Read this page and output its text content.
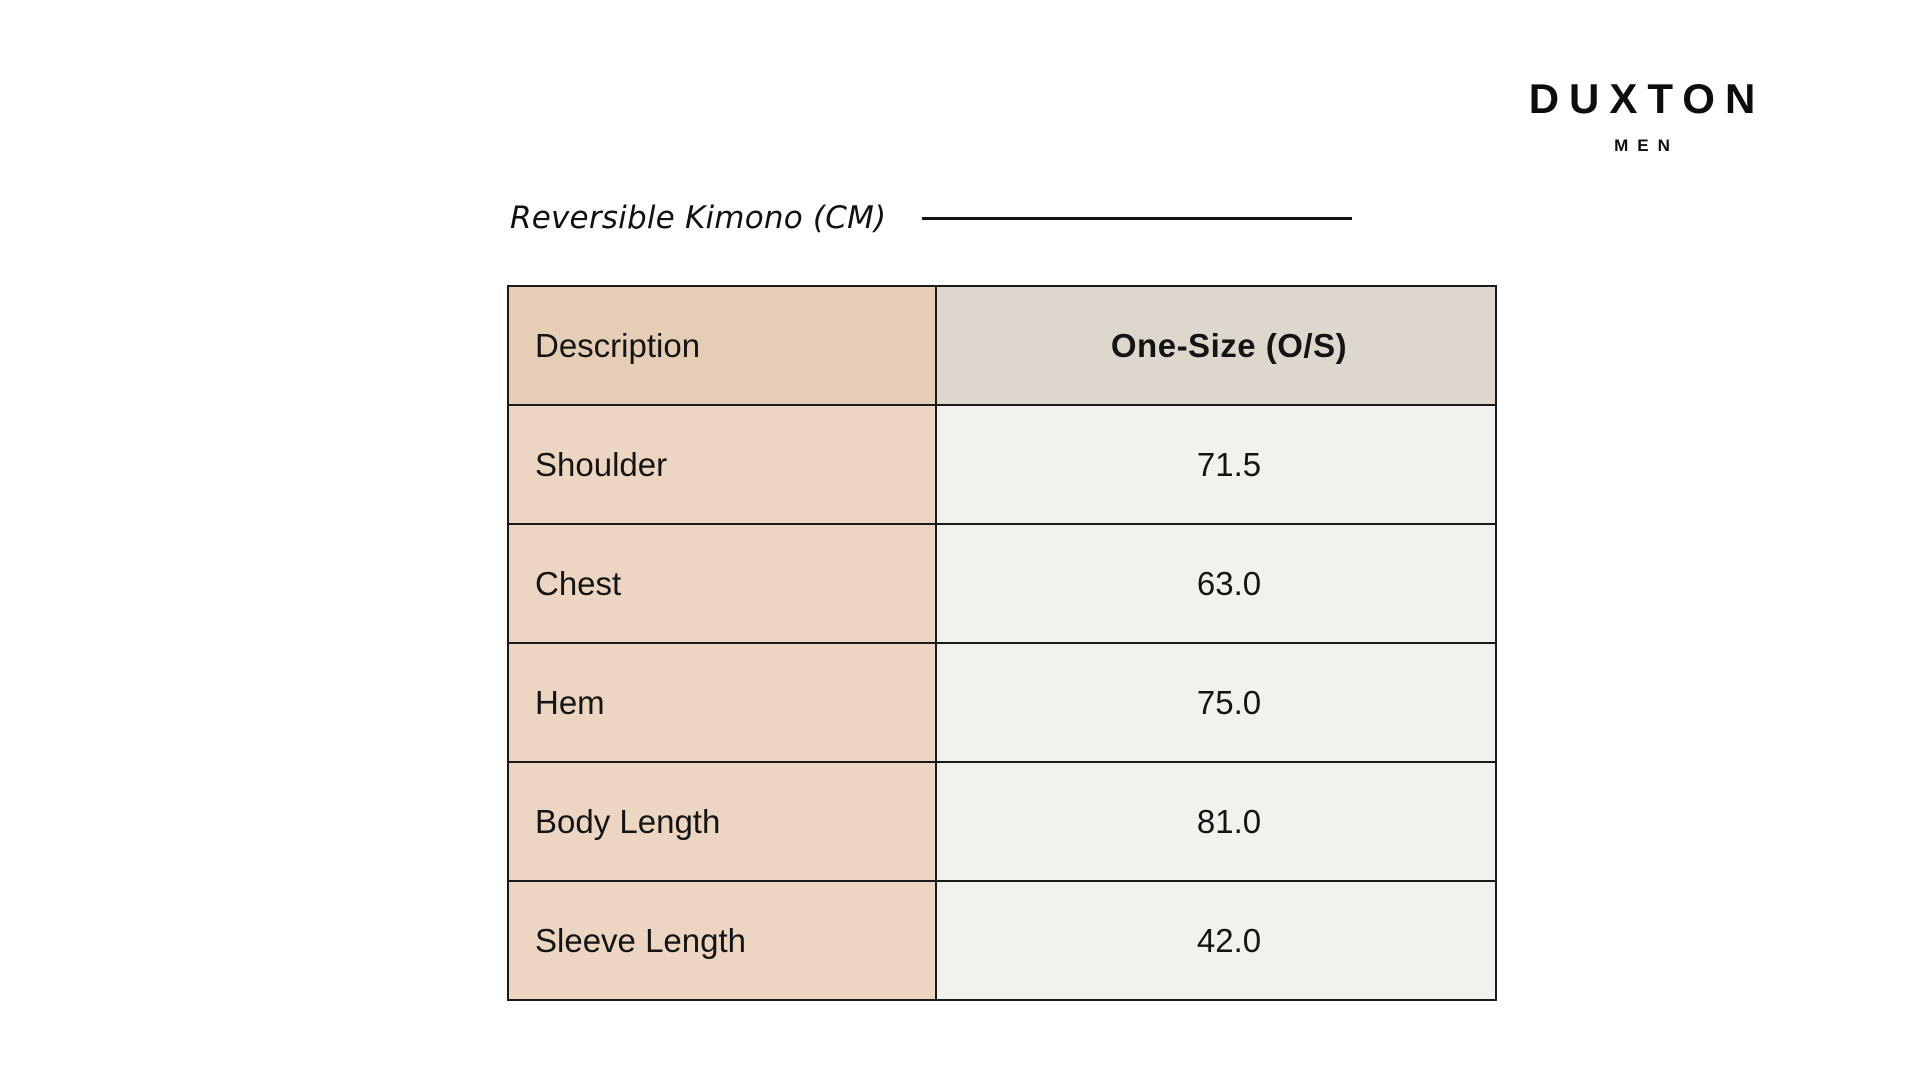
DUXTON
MEN
Reversible Kimono (CM)
Description	One-Size (O/S)
Shoulder	71.5
Chest	63.0
Hem	75.0
Body Length	81.0
Sleeve Length	42.0
